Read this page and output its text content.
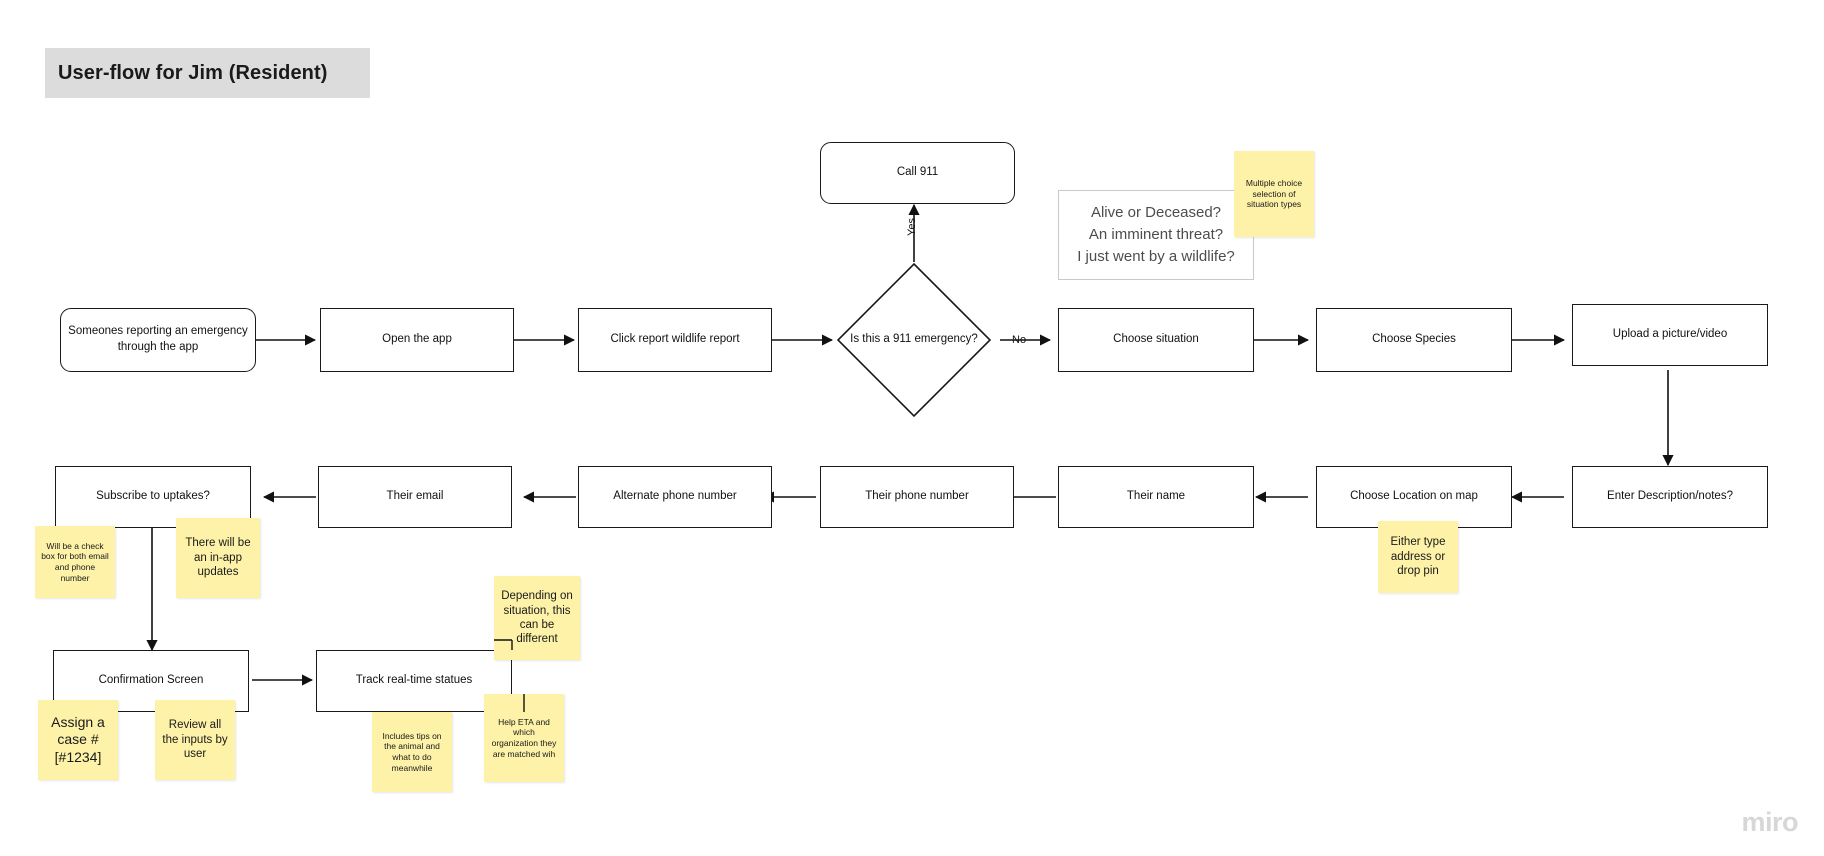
User-flow for Jim (Resident)
Yes
No
Call 911
Alive or Deceased?
An imminent threat?
I just went by a wildlife?
Multiple choice selection of situation types
Someones reporting an emergency through the app
Open the app	Click report wildlife report	Is this a 911 emergency?	Choose situation	Choose Species	Upload a picture/video
Enter Description/notes?
Choose Location on map
Their name
Their phone number
Alternate phone number
Their email
Subscribe to uptakes?
Either type address or drop pin
Will be a check box for both email and phone number
There will be an in-app updates
Confirmation Screen	Track real-time statues
Assign a case # [#1234]
Review all the inputs by user
Includes tips on the animal and what to do meanwhile
Help ETA and which organization they are matched wih
Depending on situation, this can be different
miro
